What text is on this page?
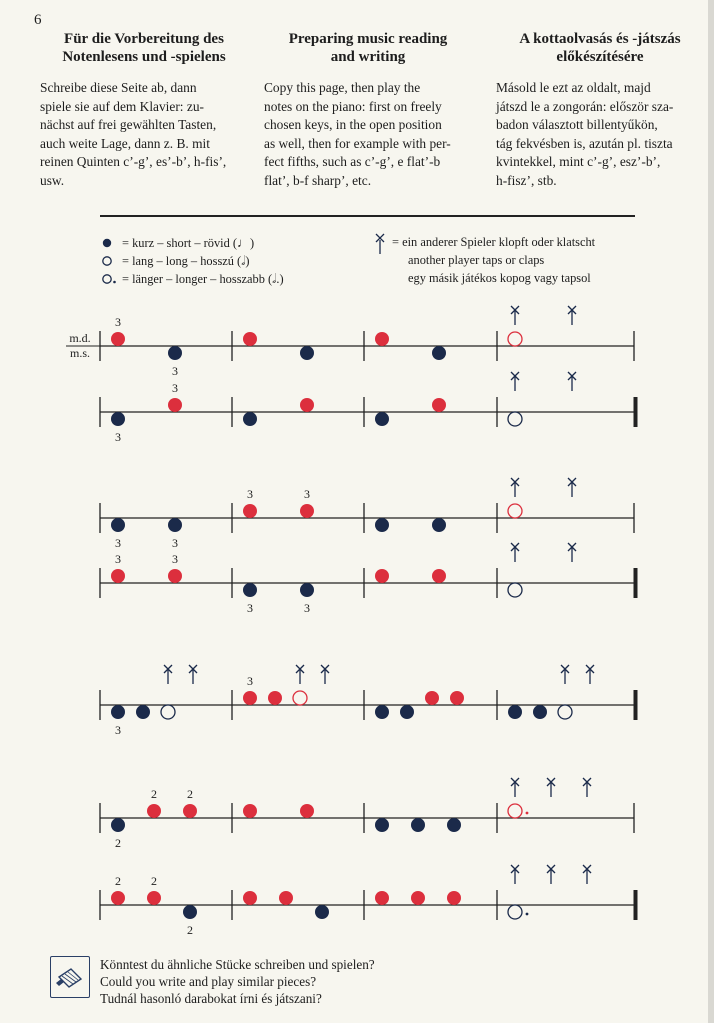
6
Für die Vorbereitung des
Notenlesens und -spielens

Schreibe diese Seite ab, dann
spiele sie auf dem Klavier: zu-
nächst auf frei gewählten Tasten,
auch weite Lage, dann z. B. mit
reinen Quinten c’-g’, es’-b’, h-fis’,
usw.

Preparing music reading
and writing

Copy this page, then play the
notes on the piano: first on freely
chosen keys, in the open position
as well, then for example with per-
fect fifths, such as c’-g’, e flat’-b
flat’, b-f sharp’, etc.

A kottaolvasás és -játszás
előkészítésére

Másold le ezt az oldalt, majd
játszd le a zongorán: először sza-
badon választott billentyűkön,
tág fekvésben is, azután pl. tiszta
kvintekkel, mint c’-g’, esz’-b’,
h-fisz’, stb.

= kurz – short – rövid (♩)
= lang – long – hosszú (𝅗𝅥)
= länger – longer – hosszabb (𝅗𝅥.)
= ein anderer Spieler klopft oder klatscht
another player taps or claps
egy másik játékos kopog vagy tapsol
m.d.
m.s.
3
3
3
3
3	3
3	3
3	3
3	3
3
3
2
2	2
2	2
2
Könntest du ähnliche Stücke schreiben und spielen?
Could you write and play similar pieces?
Tudnál hasonló darabokat írni és játszani?
